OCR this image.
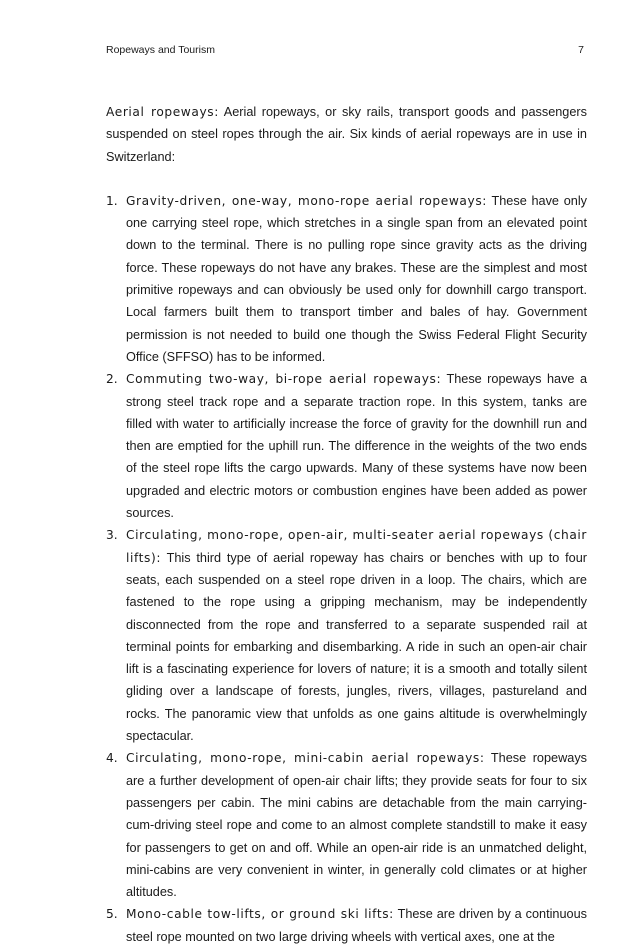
Ropeways and Tourism	7

Aerial ropeways: Aerial ropeways, or sky rails, transport goods and passengers suspended on steel ropes through the air. Six kinds of aerial ropeways are in use in Switzerland:

1. Gravity-driven, one-way, mono-rope aerial ropeways: These have only one carrying steel rope, which stretches in a single span from an elevated point down to the terminal. There is no pulling rope since gravity acts as the driving force. These ropeways do not have any brakes. These are the simplest and most primitive ropeways and can obviously be used only for downhill cargo transport. Local farmers built them to transport timber and bales of hay. Government permission is not needed to build one though the Swiss Federal Flight Security Office (SFFSO) has to be informed.
2. Commuting two-way, bi-rope aerial ropeways: These ropeways have a strong steel track rope and a separate traction rope. In this system, tanks are filled with water to artificially increase the force of gravity for the downhill run and then are emptied for the uphill run. The difference in the weights of the two ends of the steel rope lifts the cargo upwards. Many of these systems have now been upgraded and electric motors or combustion engines have been added as power sources.
3. Circulating, mono-rope, open-air, multi-seater aerial ropeways (chair lifts): This third type of aerial ropeway has chairs or benches with up to four seats, each suspended on a steel rope driven in a loop. The chairs, which are fastened to the rope using a gripping mechanism, may be independently disconnected from the rope and transferred to a separate suspended rail at terminal points for embarking and disembarking. A ride in such an open-air chair lift is a fascinating experience for lovers of nature; it is a smooth and totally silent gliding over a landscape of forests, jungles, rivers, villages, pastureland and rocks. The panoramic view that unfolds as one gains altitude is overwhelmingly spectacular.
4. Circulating, mono-rope, mini-cabin aerial ropeways: These ropeways are a further development of open-air chair lifts; they provide seats for four to six passengers per cabin. The mini cabins are detachable from the main carrying-cum-driving steel rope and come to an almost complete standstill to make it easy for passengers to get on and off. While an open-air ride is an unmatched delight, mini-cabins are very convenient in winter, in generally cold climates or at higher altitudes.
5. Mono-cable tow-lifts, or ground ski lifts: These are driven by a continuous steel rope mounted on two large driving wheels with vertical axes, one at the
